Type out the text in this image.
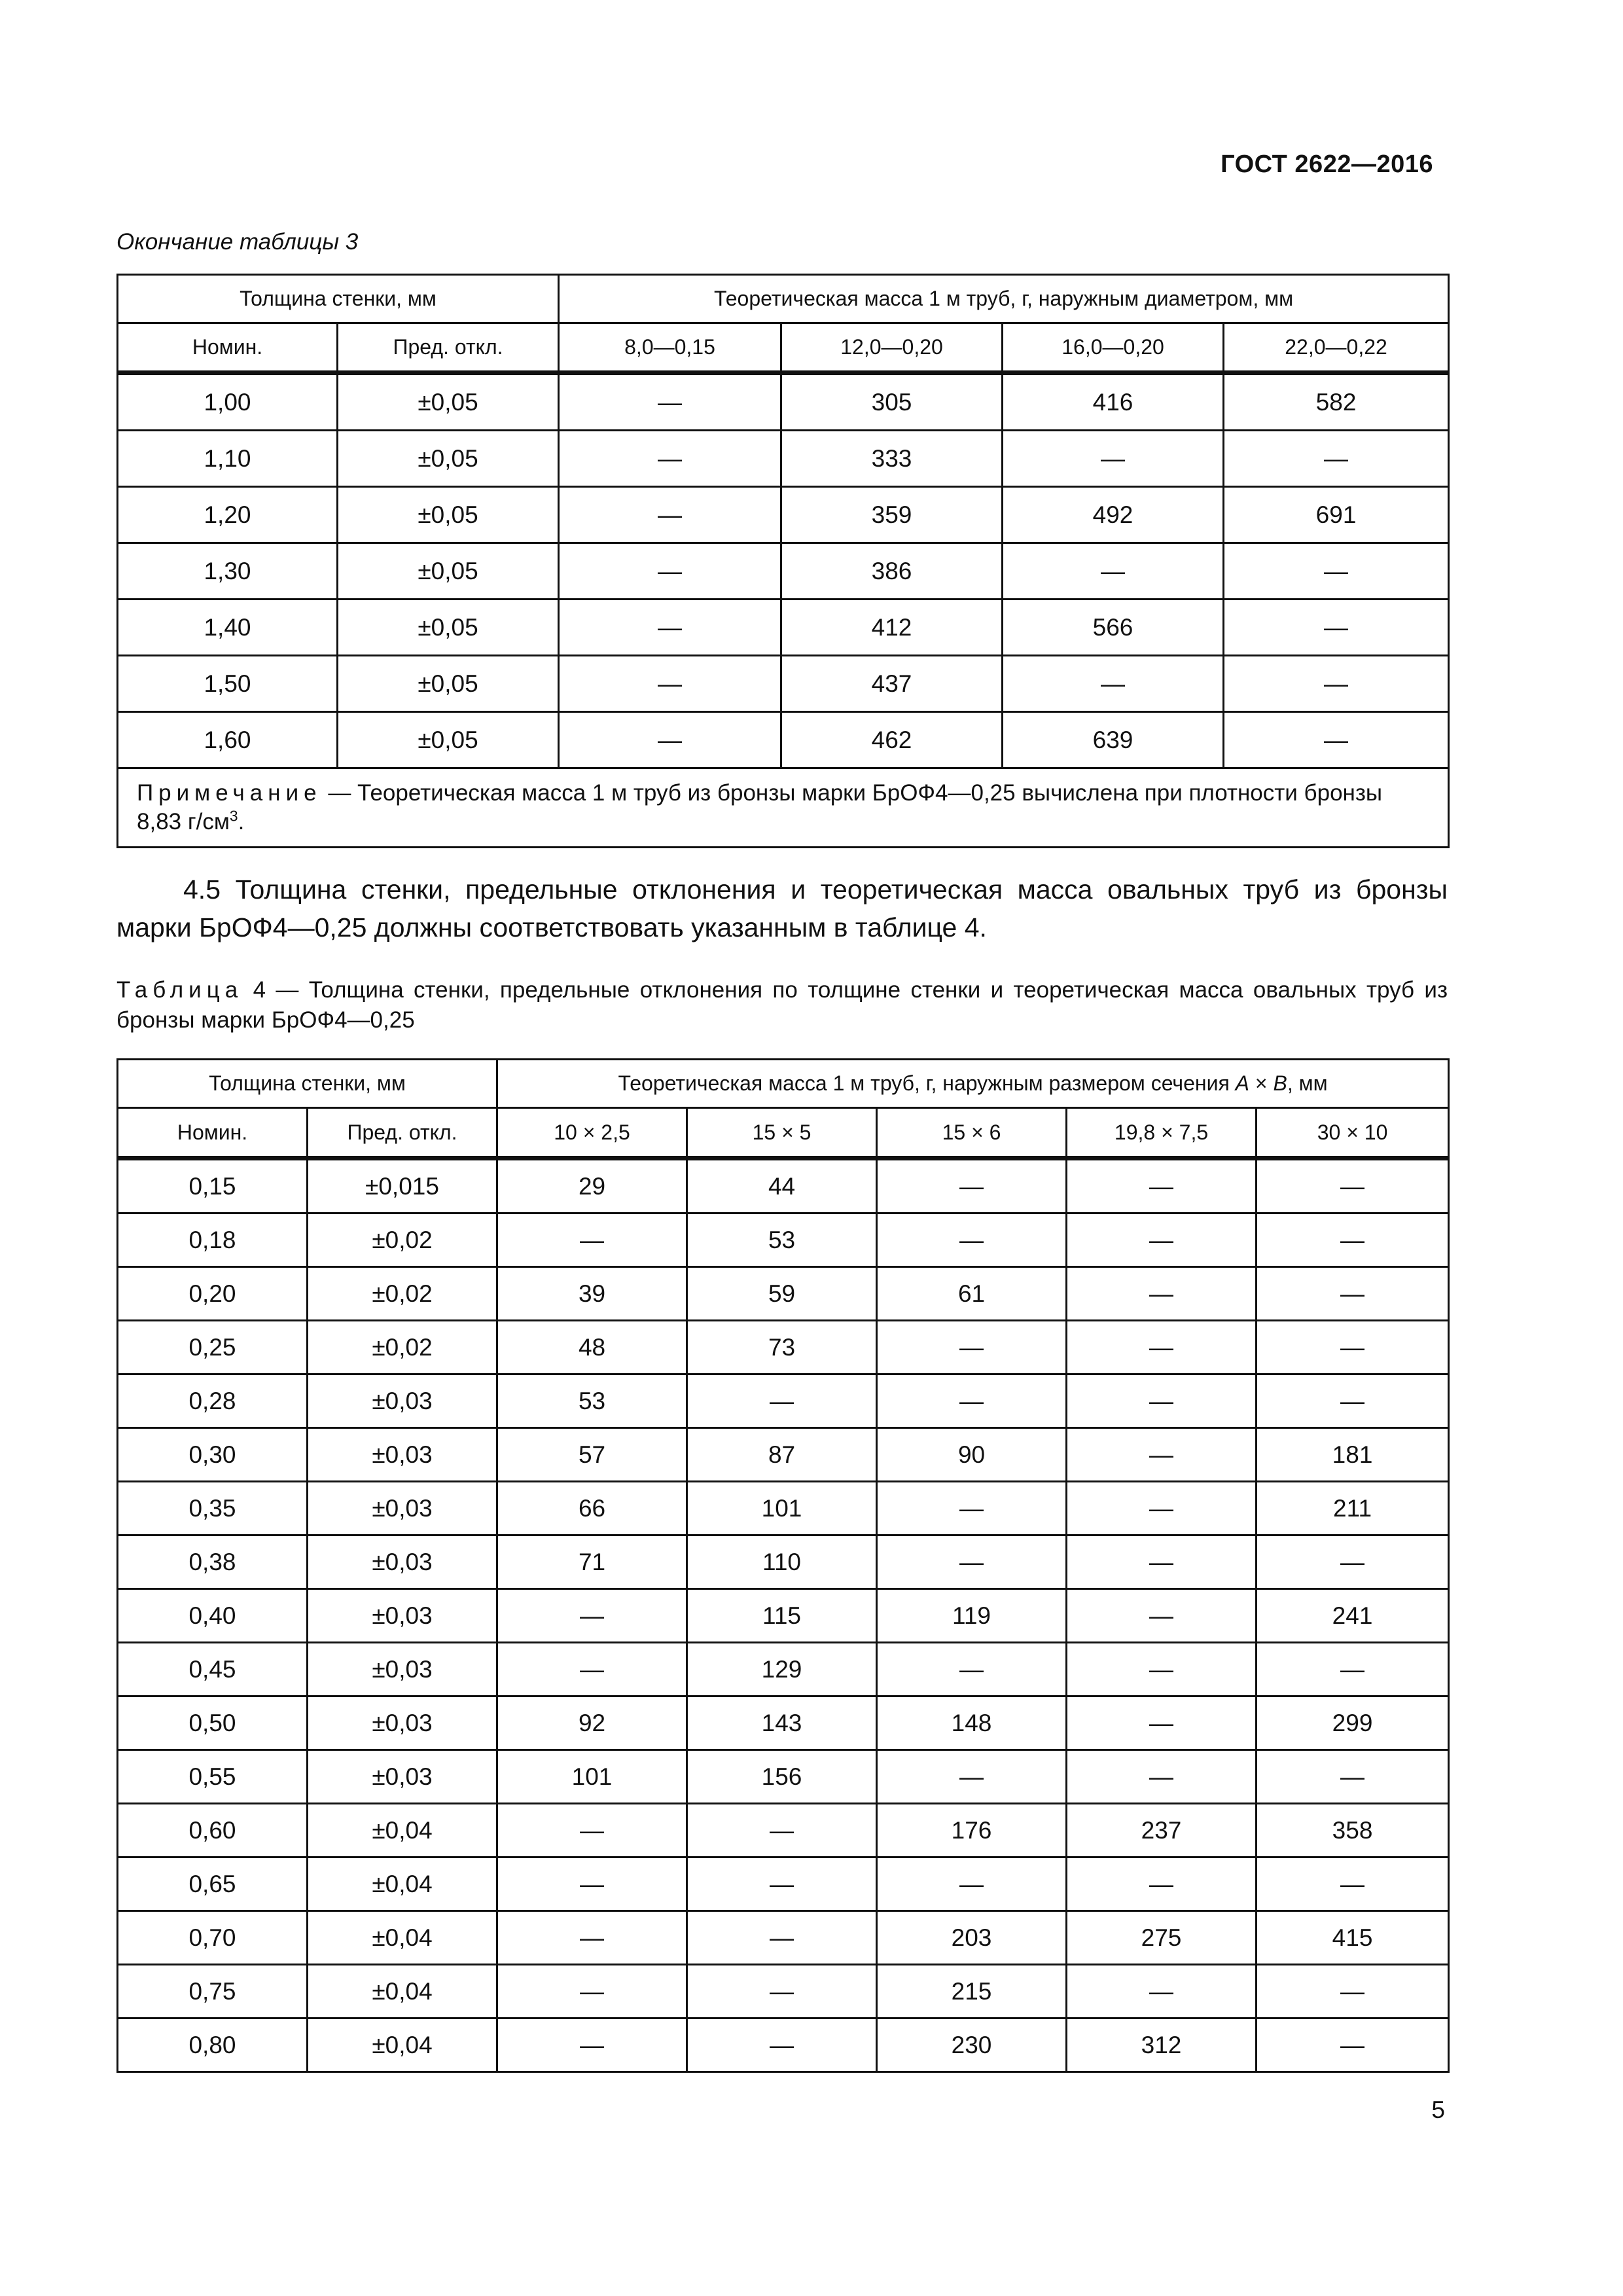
ГОСТ 2622—2016
Окончание таблицы 3
Толщина стенки, мм		Теоретическая масса 1 м труб, г, наружным диаметром, мм			
Номин.	Пред. откл.	8,0—0,15	12,0—0,20	16,0—0,20	22,0—0,22
1,00	±0,05	—	305	416	582
1,10	±0,05	—	333	—	—
1,20	±0,05	—	359	492	691
1,30	±0,05	—	386	—	—
1,40	±0,05	—	412	566	—
1,50	±0,05	—	437	—	—
1,60	±0,05	—	462	639	—
Примечание — Теоретическая масса 1 м труб из бронзы марки БрОФ4—0,25 вычислена при плотности бронзы 8,83 $г/см^3$.					

4.5 Толщина стенки, предельные отклонения и теоретическая масса овальных труб из бронзы марки БрОФ4—0,25 должны соответствовать указанным в таблице 4.

Таблица 4 — Толщина стенки, предельные отклонения по толщине стенки и теоретическая масса овальных труб из бронзы марки БрОФ4—0,25

Толщина стенки, мм		Теоретическая масса 1 м труб, г, наружным размером сечения A × B, мм				
Номин.	Пред. откл.	10 × 2,5	15 × 5	15 × 6	19,8 × 7,5	30 × 10
0,15	±0,015	29	44	—	—	—
0,18	±0,02	—	53	—	—	—
0,20	±0,02	39	59	61	—	—
0,25	±0,02	48	73	—	—	—
0,28	±0,03	53	—	—	—	—
0,30	±0,03	57	87	90	—	181
0,35	±0,03	66	101	—	—	211
0,38	±0,03	71	110	—	—	—
0,40	±0,03	—	115	119	—	241
0,45	±0,03	—	129	—	—	—
0,50	±0,03	92	143	148	—	299
0,55	±0,03	101	156	—	—	—
0,60	±0,04	—	—	176	237	358
0,65	±0,04	—	—	—	—	—
0,70	±0,04	—	—	203	275	415
0,75	±0,04	—	—	215	—	—
0,80	±0,04	—	—	230	312	—
5
